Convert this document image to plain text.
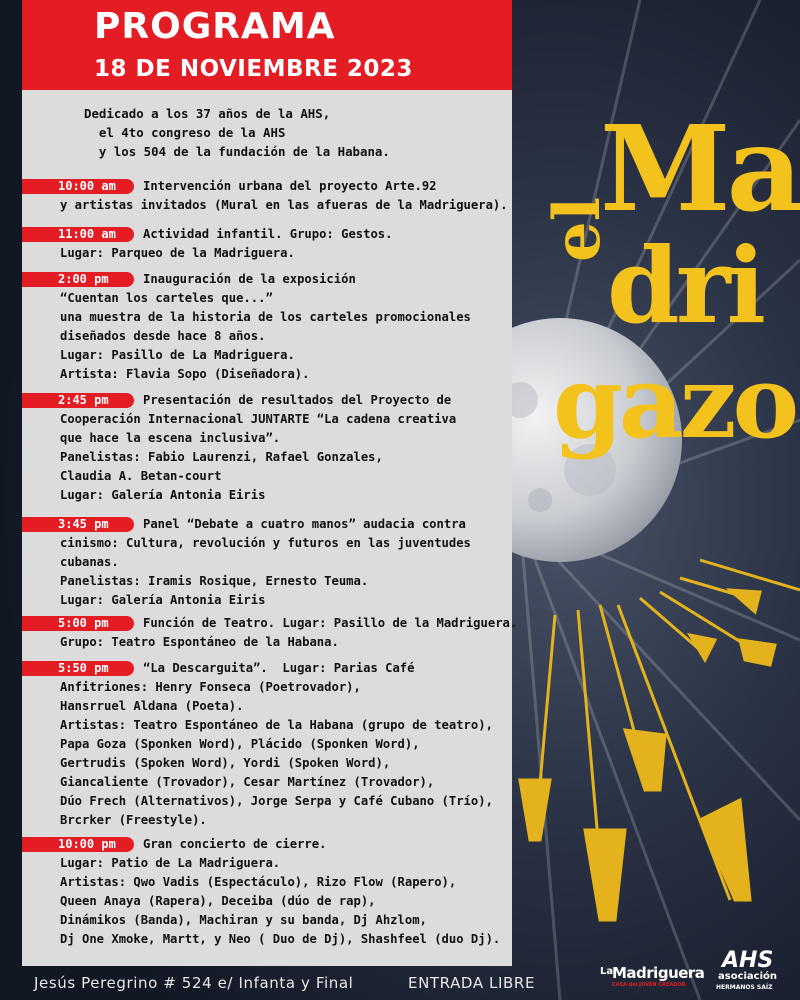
PROGRAMA
18 DE NOVIEMBRE 2023
Dedicado a los 37 años de la AHS,
el 4to congreso de la AHS
y los 504 de la fundación de la Habana.
10:00 am	Intervención urbana del proyecto Arte.92
y artistas invitados (Mural en las afueras de la Madriguera).
11:00 am	Actividad infantil. Grupo: Gestos.
Lugar: Parqueo de la Madriguera.
2:00 pm	Inauguración de la exposición
“Cuentan los carteles que...”
una muestra de la historia de los carteles promocionales
diseñados desde hace 8 años.
Lugar: Pasillo de La Madriguera.
Artista: Flavia Sopo (Diseñadora).
2:45 pm	Presentación de resultados del Proyecto de
Cooperación Internacional JUNTARTE “La cadena creativa
que hace la escena inclusiva”.
Panelistas: Fabio Laurenzi, Rafael Gonzales,
Claudia A. Betan-court
Lugar: Galería Antonia Eiris
3:45 pm	Panel “Debate a cuatro manos” audacia contra
cinismo: Cultura, revolución y futuros en las juventudes
cubanas.
Panelistas: Iramis Rosique, Ernesto Teuma.
Lugar: Galería Antonia Eiris
5:00 pm	Función de Teatro. Lugar: Pasillo de la Madriguera.
Grupo: Teatro Espontáneo de la Habana.
5:50 pm	“La Descarguita”.  Lugar: Parias Café
Anfitriones: Henry Fonseca (Poetrovador),
Hansrruel Aldana (Poeta).
Artistas: Teatro Espontáneo de la Habana (grupo de teatro),
Papa Goza (Sponken Word), Plácido (Sponken Word),
Gertrudis (Spoken Word), Yordi (Spoken Word),
Giancaliente (Trovador), Cesar Martínez (Trovador),
Dúo Frech (Alternativos), Jorge Serpa y Café Cubano (Trío),
Brcrker (Freestyle).
10:00 pm	Gran concierto de cierre.
Lugar: Patio de La Madriguera.
Artistas: Qwo Vadis (Espectáculo), Rizo Flow (Rapero),
Queen Anaya (Rapera), Deceiba (dúo de rap),
Dinámikos (Banda), Machiran y su banda, Dj Ahzlom,
Dj One Xmoke, Martt, y Neo ( Duo de Dj), Shashfeel (duo Dj).
el
Ma
dri
gazo
Jesús Peregrino # 524 e/ Infanta y Final	ENTRADA LIBRE
La
Madriguera
CASA del JOVEN CREADOR
AHS
asociación
HERMANOS SAÍZ
